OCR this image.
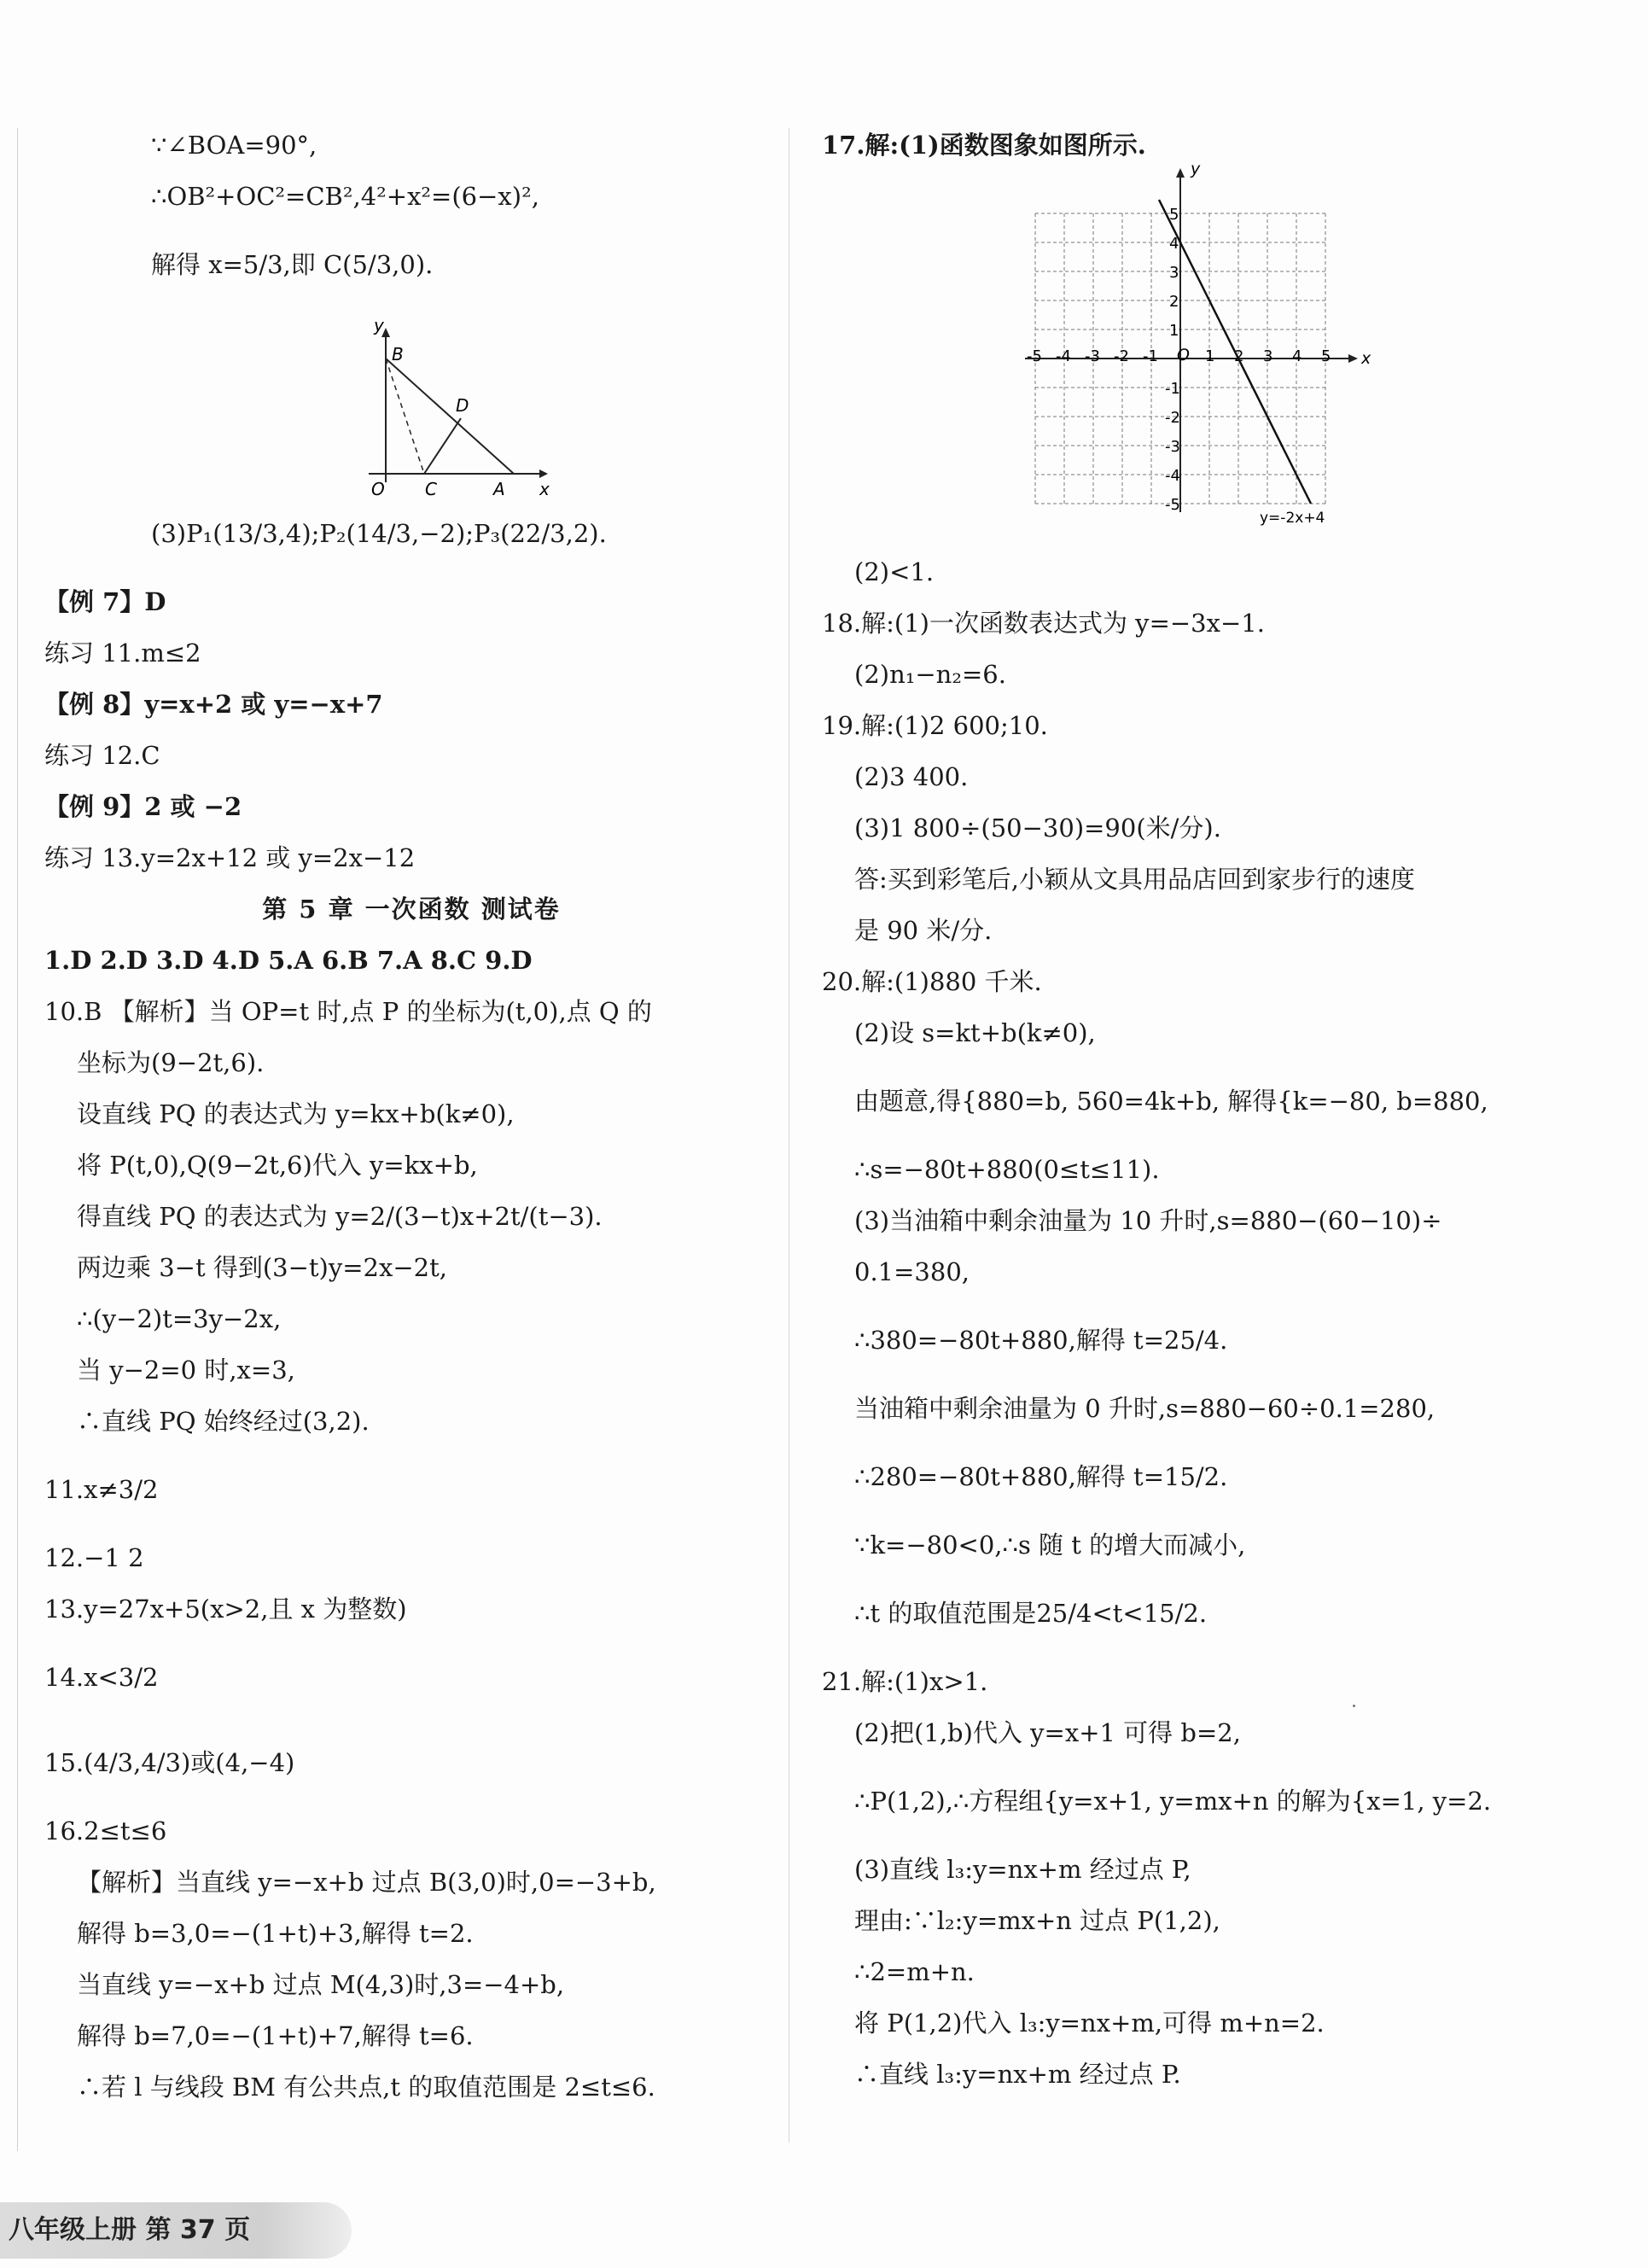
∵∠BOA=90°,
∴OB²+OC²=CB²,4²+x²=(6−x)²,
解得 x=5/3,即 C(5/3,0).
y
B
D
O C	A x
(3)P₁(13/3,4);P₂(14/3,−2);P₃(22/3,2).
【例 7】D
练习 11.m≤2
【例 8】y=x+2 或 y=−x+7
练习 12.C
【例 9】2 或 −2
练习 13.y=2x+12 或 y=2x−12
第 5 章 一次函数 测试卷
1.D 2.D 3.D 4.D 5.A 6.B 7.A 8.C 9.D
10.B 【解析】当 OP=t 时,点 P 的坐标为(t,0),点 Q 的
坐标为(9−2t,6).
设直线 PQ 的表达式为 y=kx+b(k≠0),
将 P(t,0),Q(9−2t,6)代入 y=kx+b,
得直线 PQ 的表达式为 y=2/(3−t)x+2t/(t−3).
两边乘 3−t 得到(3−t)y=2x−2t,
∴(y−2)t=3y−2x,
当 y−2=0 时,x=3,
∴直线 PQ 始终经过(3,2).
11.x≠3/2
12.−1 2
13.y=27x+5(x>2,且 x 为整数)
14.x<3/2
15.(4/3,4/3)或(4,−4)
16.2≤t≤6
【解析】当直线 y=−x+b 过点 B(3,0)时,0=−3+b,
解得 b=3,0=−(1+t)+3,解得 t=2.
当直线 y=−x+b 过点 M(4,3)时,3=−4+b,
解得 b=7,0=−(1+t)+7,解得 t=6.
∴若 l 与线段 BM 有公共点,t 的取值范围是 2≤t≤6.
17.解:(1)函数图象如图所示.
x
y
O
-5 -4 -3 -2 -1	1 2 3 4 5
5
4
3
2
1
-1
-2
-3
-4
-5
y=-2x+4
(2)<1.
18.解:(1)一次函数表达式为 y=−3x−1.
(2)n₁−n₂=6.
19.解:(1)2 600;10.
(2)3 400.
(3)1 800÷(50−30)=90(米/分).
答:买到彩笔后,小颖从文具用品店回到家步行的速度
是 90 米/分.
20.解:(1)880 千米.
(2)设 s=kt+b(k≠0),
由题意,得{880=b, 560=4k+b, 解得{k=−80, b=880,
∴s=−80t+880(0≤t≤11).
(3)当油箱中剩余油量为 10 升时,s=880−(60−10)÷
0.1=380,
∴380=−80t+880,解得 t=25/4.
当油箱中剩余油量为 0 升时,s=880−60÷0.1=280,
∴280=−80t+880,解得 t=15/2.
∵k=−80<0,∴s 随 t 的增大而减小,
∴t 的取值范围是25/4<t<15/2.
21.解:(1)x>1.
(2)把(1,b)代入 y=x+1 可得 b=2,
∴P(1,2),∴方程组{y=x+1, y=mx+n 的解为{x=1, y=2.
(3)直线 l₃:y=nx+m 经过点 P,
理由:∵l₂:y=mx+n 过点 P(1,2),
∴2=m+n.
将 P(1,2)代入 l₃:y=nx+m,可得 m+n=2.
∴直线 l₃:y=nx+m 经过点 P.
八年级上册 第 37 页
